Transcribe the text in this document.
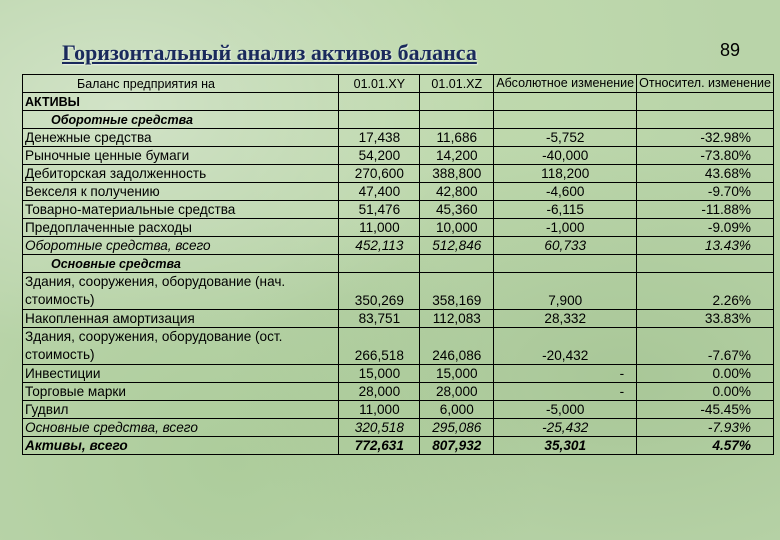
Горизонтальный анализ активов баланса	89
Баланс предприятия на	01.01.XY	01.01.XZ	Абсолютное изменение	Относител. изменение
АКТИВЫ				
Оборотные средства				
Денежные средства	17,438	11,686	-5,752	-32.98%
Рыночные ценные бумаги	54,200	14,200	-40,000	-73.80%
Дебиторская задолженность	270,600	388,800	118,200	43.68%
Векселя к получению	47,400	42,800	-4,600	-9.70%
Товарно-материальные средства	51,476	45,360	-6,115	-11.88%
Предоплаченные расходы	11,000	10,000	-1,000	-9.09%
Оборотные средства, всего	452,113	512,846	60,733	13.43%
Основные средства				
Здания, сооружения, оборудование (нач. стоимость)	350,269	358,169	7,900	2.26%
Накопленная амортизация	83,751	112,083	28,332	33.83%
Здания, сооружения, оборудование (ост. стоимость)	266,518	246,086	-20,432	-7.67%
Инвестиции	15,000	15,000	-	0.00%
Торговые марки	28,000	28,000	-	0.00%
Гудвил	11,000	6,000	-5,000	-45.45%
Основные средства, всего	320,518	295,086	-25,432	-7.93%
Активы, всего	772,631	807,932	35,301	4.57%
